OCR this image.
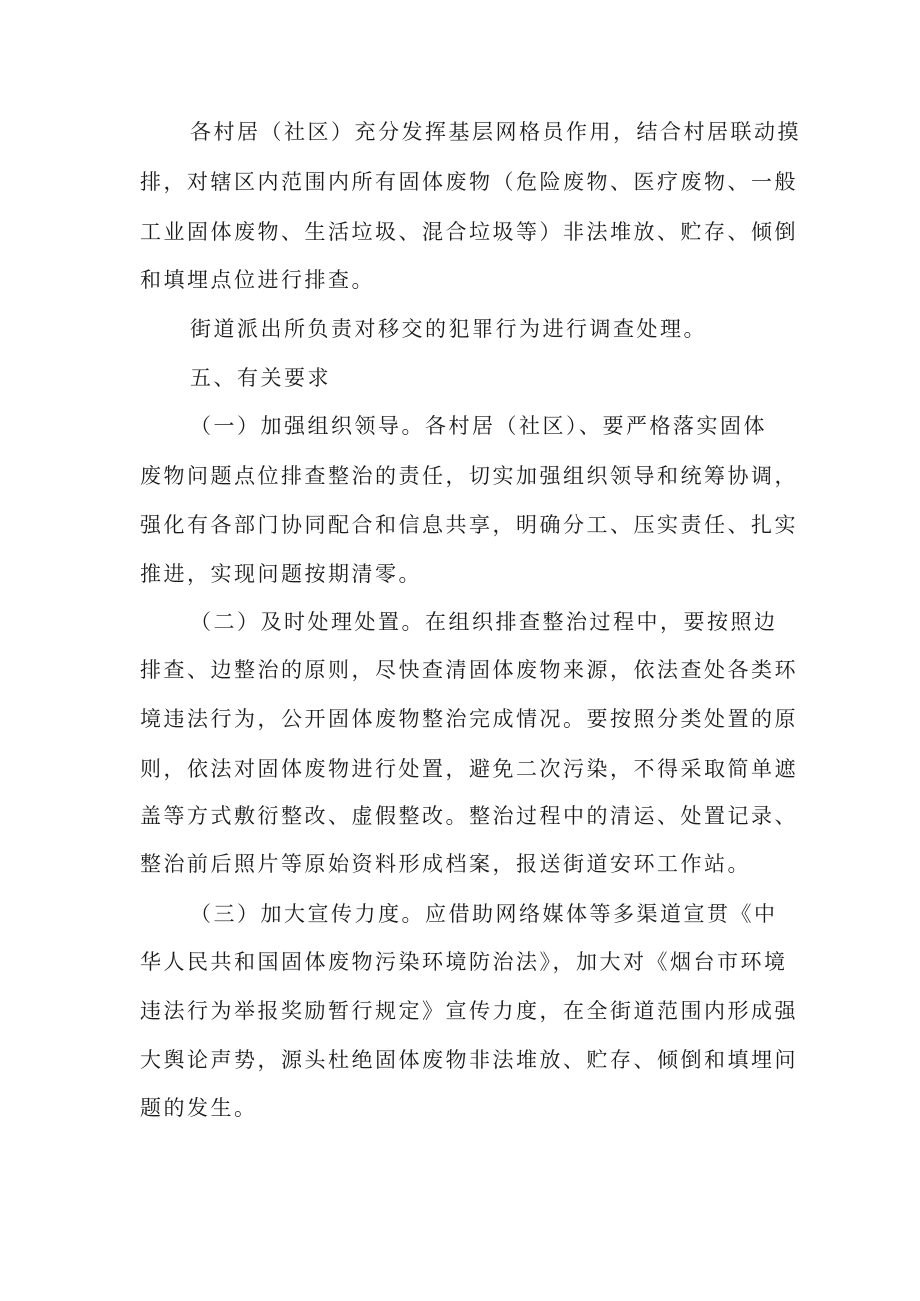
各村居（社区）充分发挥基层网格员作用，结合村居联动摸
排，对辖区内范围内所有固体废物（危险废物、医疗废物、一般
工业固体废物、生活垃圾、混合垃圾等）非法堆放、贮存、倾倒
和填埋点位进行排查。
街道派出所负责对移交的犯罪行为进行调查处理。
五、有关要求
（一）加强组织领导。各村居（社区）、要严格落实固体
废物问题点位排查整治的责任，切实加强组织领导和统筹协调，
强化有各部门协同配合和信息共享，明确分工、压实责任、扎实
推进，实现问题按期清零。
（二）及时处理处置。在组织排查整治过程中，要按照边
排查、边整治的原则，尽快查清固体废物来源，依法查处各类环
境违法行为，公开固体废物整治完成情况。要按照分类处置的原
则，依法对固体废物进行处置，避免二次污染，不得采取简单遮
盖等方式敷衍整改、虚假整改。整治过程中的清运、处置记录、
整治前后照片等原始资料形成档案，报送街道安环工作站。
（三）加大宣传力度。应借助网络媒体等多渠道宣贯《中
华人民共和国固体废物污染环境防治法》，加大对《烟台市环境
违法行为举报奖励暂行规定》宣传力度，在全街道范围内形成强
大舆论声势，源头杜绝固体废物非法堆放、贮存、倾倒和填埋问
题的发生。
